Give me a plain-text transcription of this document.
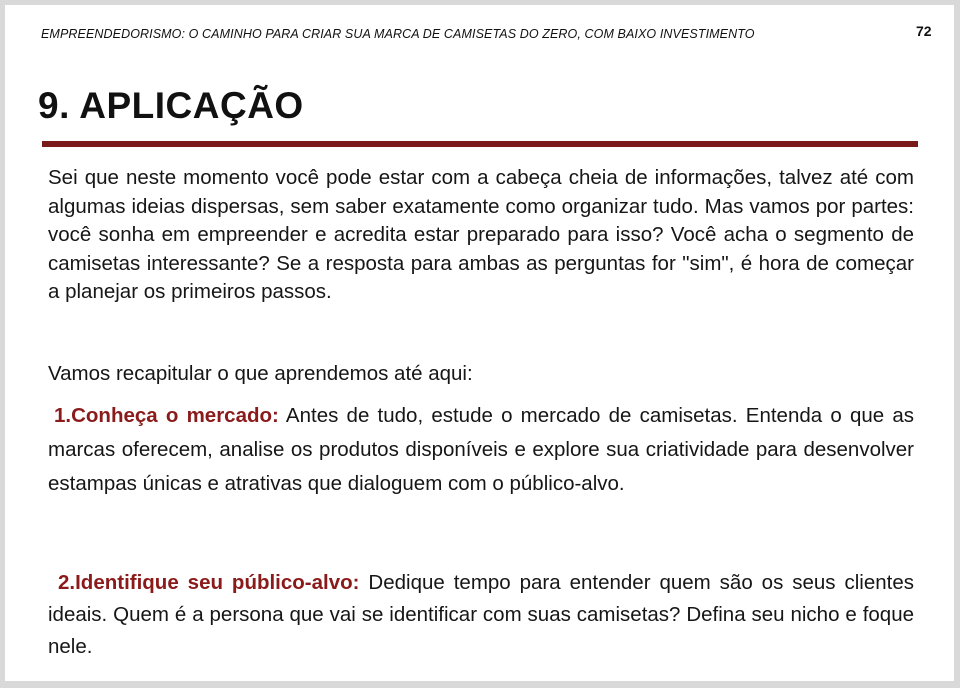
EMPREENDEDORISMO: O CAMINHO PARA CRIAR SUA MARCA DE CAMISETAS DO ZERO, COM BAIXO INVESTIMENTO	72
9. APLICAÇÃO

Sei que neste momento você pode estar com a cabeça cheia de informações, talvez até com algumas ideias dispersas, sem saber exatamente como organizar tudo. Mas vamos por partes: você sonha em empreender e acredita estar preparado para isso? Você acha o segmento de camisetas interessante? Se a resposta para ambas as perguntas for "sim", é hora de começar a planejar os primeiros passos.

Vamos recapitular o que aprendemos até aqui:

1.Conheça o mercado: Antes de tudo, estude o mercado de camisetas. Entenda o que as marcas oferecem, analise os produtos disponíveis e explore sua criatividade para desenvolver estampas únicas e atrativas que dialoguem com o público-alvo.

2.Identifique seu público-alvo: Dedique tempo para entender quem são os seus clientes ideais. Quem é a persona que vai se identificar com suas camisetas? Defina seu nicho e foque nele.
